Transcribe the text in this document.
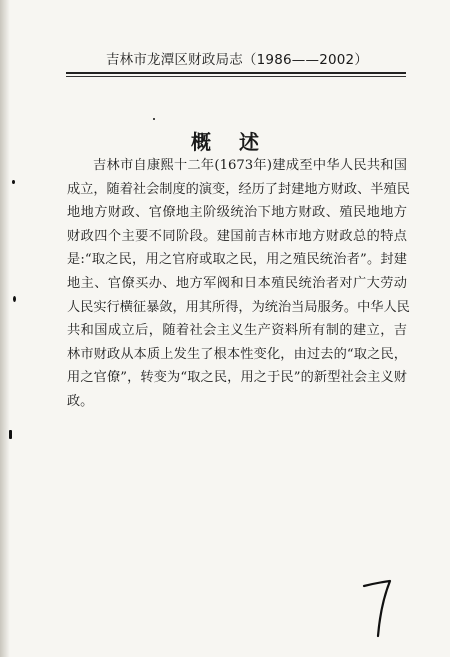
吉林市龙潭区财政局志（1986——2002）
概述
吉林市自康熙十二年(1673年)建成至中华人民共和国
成立，随着社会制度的演变，经历了封建地方财政、半殖民
地地方财政、官僚地主阶级统治下地方财政、殖民地地方
财政四个主要不同阶段。建国前吉林市地方财政总的特点
是:“取之民，用之官府或取之民，用之殖民统治者”。封建
地主、官僚买办、地方军阀和日本殖民统治者对广大劳动
人民实行横征暴敛，用其所得，为统治当局服务。中华人民
共和国成立后，随着社会主义生产资料所有制的建立，吉
林市财政从本质上发生了根本性变化，由过去的“取之民，
用之官僚”，转变为“取之民，用之于民”的新型社会主义财
政。
